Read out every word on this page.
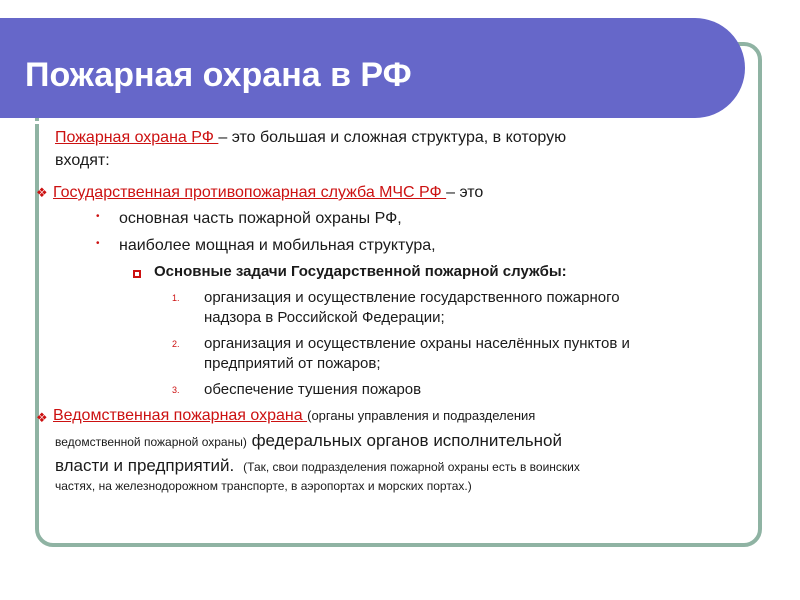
Пожарная охрана в РФ
Пожарная охрана РФ – это большая и сложная структура, в которую
входят:
❖ Государственная противопожарная служба МЧС РФ – это
• основная часть пожарной охраны РФ,
• наиболее мощная и мобильная структура,
Основные задачи Государственной пожарной службы:
1. организация и осуществление государственного пожарного
надзора в Российской Федерации;
2. организация и осуществление охраны населённых пунктов и
предприятий от пожаров;
3. обеспечение тушения пожаров
❖ Ведомственная пожарная охрана (органы управления и подразделения
ведомственной пожарной охраны) федеральных органов исполнительной
власти и предприятий. (Так, свои подразделения пожарной охраны есть в воинских
частях, на железнодорожном транспорте, в аэропортах и морских портах.)
